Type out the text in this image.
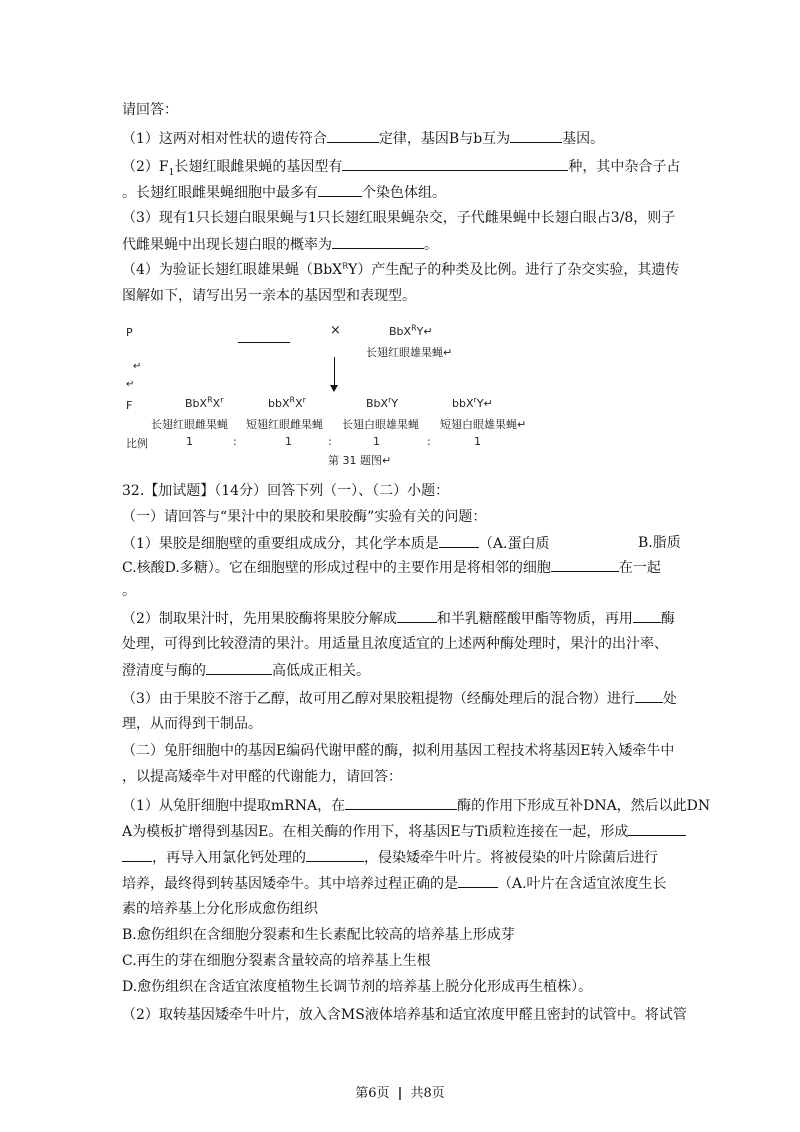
请回答：
（1）这两对相对性状的遗传符合	定律，基因B与b互为	基因。
$(2)F_1$长翅红眼雌果蝇的基因型有	种，其中杂合子占
。长翅红眼雌果蝇细胞中最多有	个染色体组。
（3）现有1只长翅白眼果蝇与1只长翅红眼果蝇杂交，子代雌果蝇中长翅白眼占3/8，则子
代雌果蝇中出现长翅白眼的概率为	。
（4）为验证长翅红眼雄果蝇（BbX$^R$Y）产生配子的种类及比例。进行了杂交实验，其遗传
图解如下，请写出另一亲本的基因型和表现型。
P	×	BbX$^R$Y↵
长翅红眼雄果蝇↵
↵
↵
F	$BbX^RX^r$	$bbX^RX^r$	BbX$^r$Y	bbX$^r$Y↵
长翅红眼雌果蝇 短翅红眼雌果蝇 长翅白眼雄果蝇 短翅白眼雄果蝇↵
比例	1	:	1	:	1	:	1
第 31 题图↵
32.【加试题】（14分）回答下列（一）、（二）小题：
（一）请回答与“果汁中的果胶和果胶酶”实验有关的问题：
（1）果胶是细胞壁的重要组成成分，其化学本质是	（A.蛋白质	B.脂质
C.核酸D.多糖）。它在细胞壁的形成过程中的主要作用是将相邻的细胞	在一起
。
（2）制取果汁时，先用果胶酶将果胶分解成	和半乳糖醛酸甲酯等物质，再用 酶
处理，可得到比较澄清的果汁。用适量且浓度适宜的上述两种酶处理时，果汁的出汁率、
澄清度与酶的	高低成正相关。
（3）由于果胶不溶于乙醇，故可用乙醇对果胶粗提物（经酶处理后的混合物）进行 处
理，从而得到干制品。
（二）兔肝细胞中的基因E编码代谢甲醛的酶，拟利用基因工程技术将基因E转入矮牵牛中
，以提高矮牵牛对甲醛的代谢能力，请回答：
（1）从兔肝细胞中提取mRNA，在	酶的作用下形成互补DNA，然后以此DN
A为模板扩增得到基因E。在相关酶的作用下，将基因E与Ti质粒连接在一起，形成
，再导入用氯化钙处理的	，侵染矮牵牛叶片。将被侵染的叶片除菌后进行
培养，最终得到转基因矮牵牛。其中培养过程正确的是	（A.叶片在含适宜浓度生长
素的培养基上分化形成愈伤组织
B.愈伤组织在含细胞分裂素和生长素配比较高的培养基上形成芽
C.再生的芽在细胞分裂素含量较高的培养基上生根
D.愈伤组织在含适宜浓度植物生长调节剂的培养基上脱分化形成再生植株）。
（2）取转基因矮牵牛叶片，放入含MS液体培养基和适宜浓度甲醛且密封的试管中。将试管
第6页 | 共8页
